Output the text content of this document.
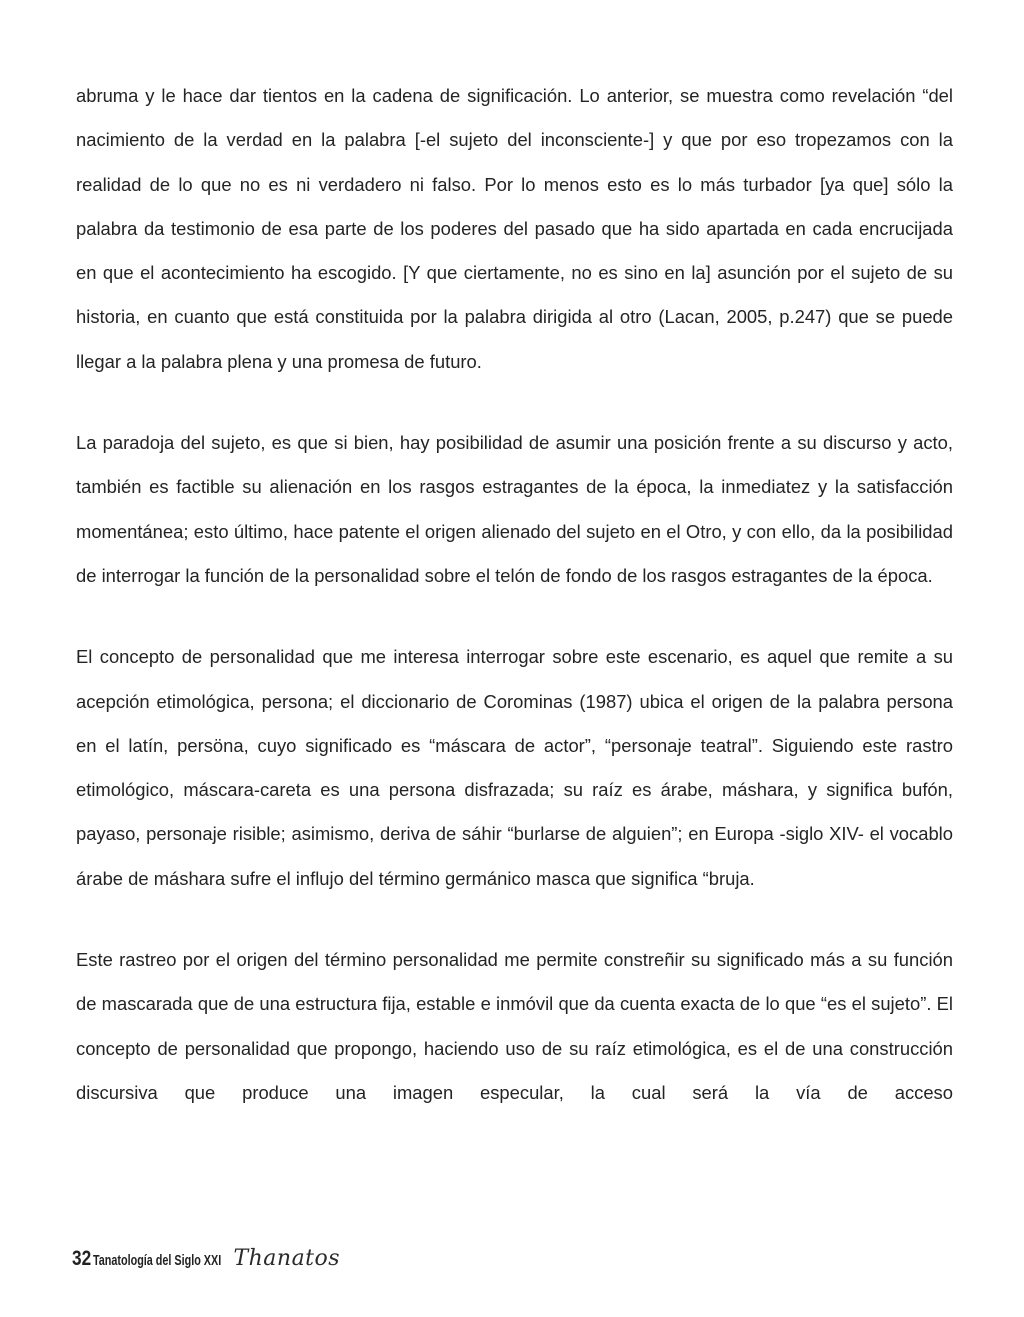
abruma y le hace dar tientos en la cadena de significación. Lo anterior, se muestra como revelación “del nacimiento de la verdad en la palabra [-el sujeto del inconsciente-] y que por eso tropezamos con la realidad de lo que no es ni verdadero ni falso. Por lo menos esto es lo más turbador [ya que] sólo la palabra da testimonio de esa parte de los poderes del pasado que ha sido apartada en cada encrucijada en que el acontecimiento ha escogido. [Y que ciertamente, no es sino en la] asunción por el sujeto de su historia, en cuanto que está constituida por la palabra dirigida al otro (Lacan, 2005, p.247) que se puede llegar a la palabra plena y una promesa de futuro.

La paradoja del sujeto, es que si bien, hay posibilidad de asumir una posición frente a su discurso y acto, también es factible su alienación en los rasgos estragantes de la época, la inmediatez y la satisfacción momentánea; esto último, hace patente el origen alienado del sujeto en el Otro, y con ello, da la posibilidad de interrogar la función de la personalidad sobre el telón de fondo de los rasgos estragantes de la época.

El concepto de personalidad que me interesa interrogar sobre este escenario, es aquel que remite a su acepción etimológica, persona; el diccionario de Corominas (1987) ubica el origen de la palabra persona en el latín, persöna, cuyo significado es “máscara de actor”, “personaje teatral”. Siguiendo este rastro etimológico, máscara-careta es una persona disfrazada; su raíz es árabe, máshara, y significa bufón, payaso, personaje risible; asimismo, deriva de sáhir “burlarse de alguien”; en Europa -siglo XIV- el vocablo árabe de máshara sufre el influjo del término germánico masca que significa “bruja.

Este rastreo por el origen del término personalidad me permite constreñir su significado más a su función de mascarada que de una estructura fija, estable e inmóvil que da cuenta exacta de lo que “es el sujeto”. El concepto de personalidad que propongo, haciendo uso de su raíz etimológica, es el de una construcción discursiva que produce una imagen especular, la cual será la vía de acceso

32 Tanatología del Siglo XXI Thanatos
